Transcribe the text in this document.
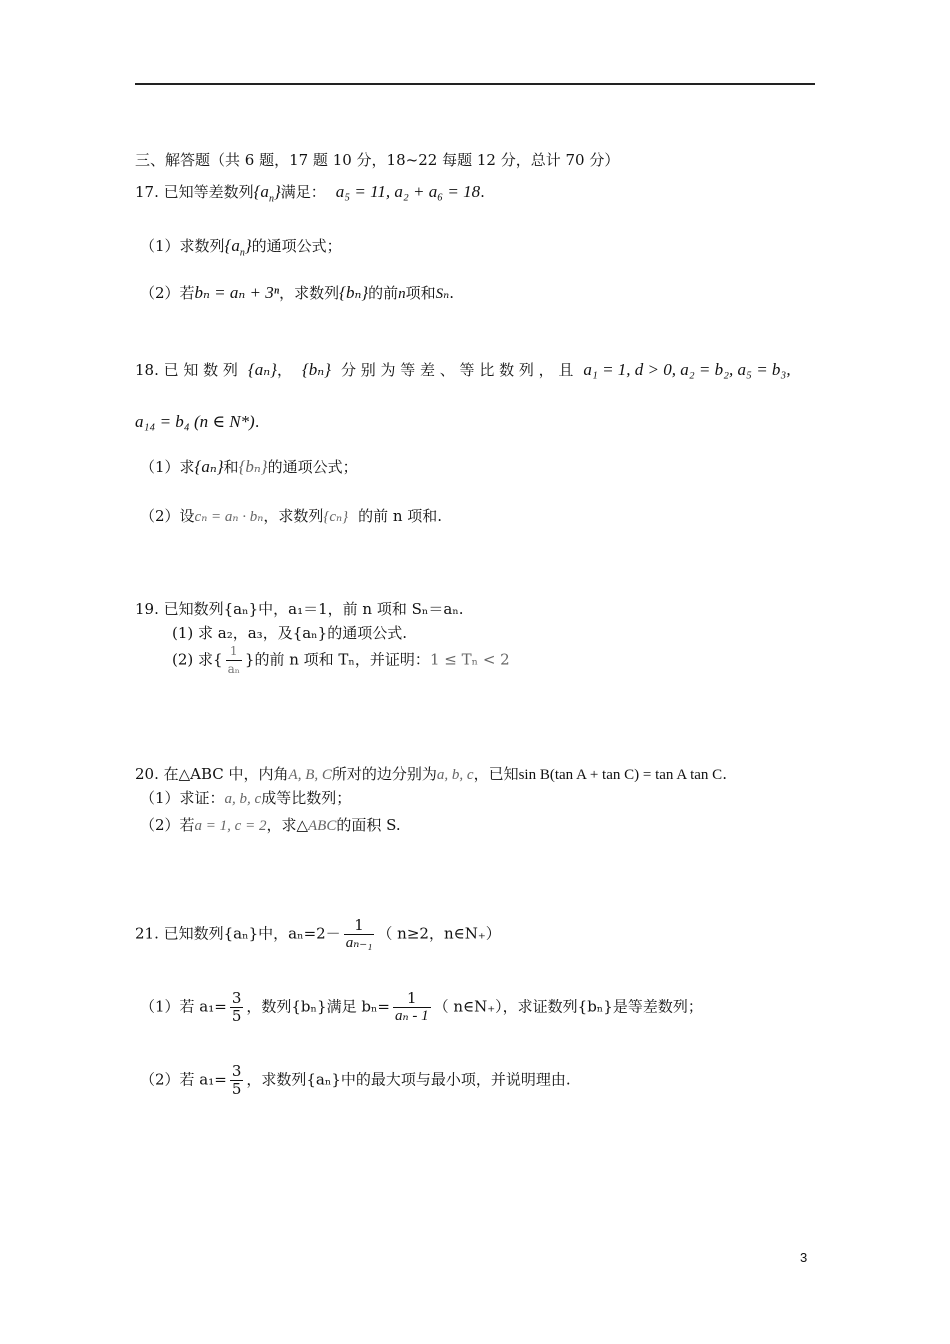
三、解答题（共 6 题，17 题 10 分，18~22 每题 12 分，总计 70 分）
17. 已知等差数列$\{a_n\}$满足： a₅ = 11, a₂ + a₆ = 18.
（1）求数列$\{a_n\}$的通项公式；
（2）若bₙ = aₙ + 3ⁿ，求数列{bₙ}的前n项和Sₙ.
18. 已 知 数 列 {aₙ}， {bₙ} 分 别 为 等 差 、 等 比 数 列 ， 且 a₁ = 1, d > 0, a₂ = b₂, a₅ = b₃,
a₁₄ = b₄ (n ∈ N*).
（1）求{aₙ}和{bₙ}的通项公式；
（2）设cₙ = aₙ · bₙ，求数列{cₙ} 的前 n 项和.
19. 已知数列{aₙ}中，a₁＝1，前 n 项和 Sₙ＝aₙ.
(1) 求 a₂，a₃，及{aₙ}的通项公式.
(2) 求{ $\frac{1}{\text{aₙ}}$ }的前 n 项和 Tₙ，并证明：1 ≤ Tₙ < 2
20. 在△ABC 中，内角A, B, C所对的边分别为a, b, c，已知sin B(tan A + tan C) = tan A tan C.
（1）求证：a, b, c成等比数列；
（2）若a = 1, c = 2，求△ABC的面积 S.
21. 已知数列{aₙ}中，$a_n=2- \frac{1}{\text{aₙ₋₁}}$ （ n≥2，n∈N₊）
（1）若 $a_1= \frac{3}{5}$ ，数列{bₙ}满足 $b_n= \frac{1}{\text{aₙ - 1}}$ （ n∈N₊），求证数列{bₙ}是等差数列；
（2）若 $a_1= \frac{3}{5}$ ，求数列{aₙ}中的最大项与最小项，并说明理由.
3
